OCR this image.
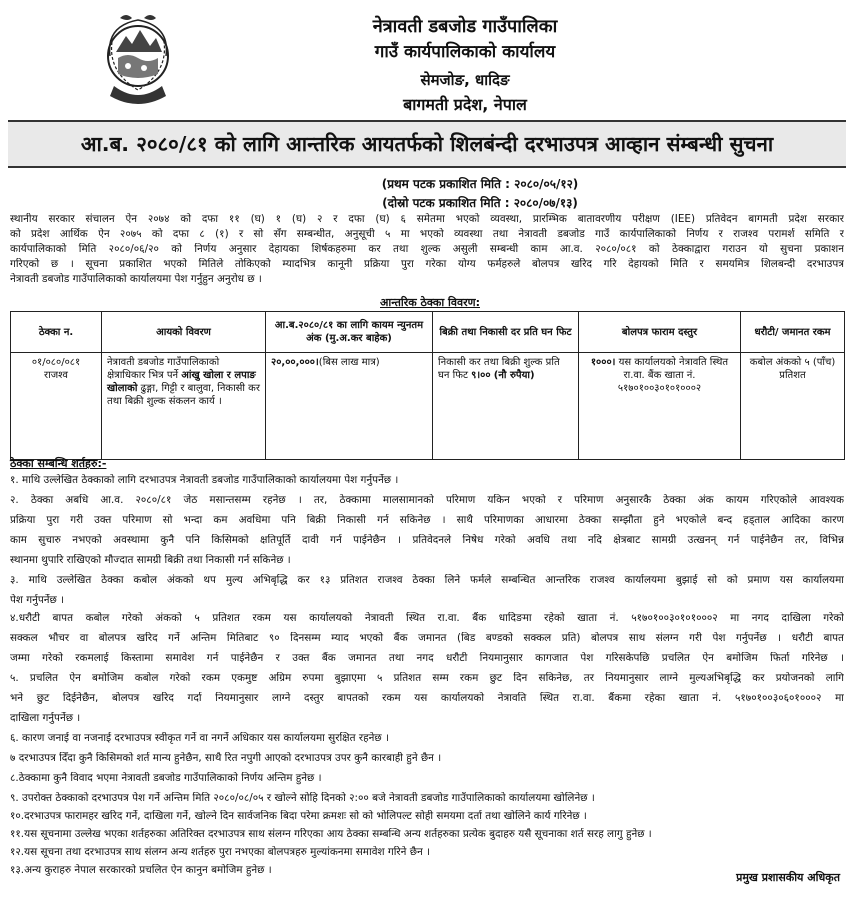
नेत्रावती डबजोड गाउँपालिका
गाउँ कार्यपालिकाको कार्यालय
सेमजोङ, धादिङ
बागमती प्रदेश, नेपाल
आ.ब. २०८०/८१ को लागि आन्तरिक आयतर्फको शिलबंन्दी दरभाउपत्र आव्हान संम्बन्धी सुचना
(प्रथम पटक प्रकाशित मिति : २०८०/०५/१२)
(दोस्रो पटक प्रकाशित मिति : २०८०/०७/१३)
स्थानीय सरकार संचालन ऐन २०७४ को दफा ११ (घ) १ (घ) २ र दफा (घ) ६ समेतमा भएको व्यवस्था, प्रारम्भिक बातावरणीय परीक्षण (IEE) प्रतिवेदन बागमती प्रदेश सरकार
को प्रदेश आर्थिक ऐन २०७५ को दफा ८ (१) र सो सँग सम्बन्धीत, अनुसूची ५ मा भएको व्यवस्था तथा नेत्रावती डबजोड गाउँ कार्यपालिकाको निर्णय र राजश्व परामर्श समिति र
कार्यपालिकाको मिति २०८०/०६/२० को निर्णय अनुसार देहायका शिर्षकहरुमा कर तथा शुल्क असुली सम्बन्धी काम आ.व. २०८०/०८१ को ठेक्काद्वारा गराउन यो सुचना प्रकाशन
गरिएको छ । सूचना प्रकाशित भएको मितिले तोकिएको म्यादभित्र कानूनी प्रक्रिया पुरा गरेका योग्य फर्महरुले बोलपत्र खरिद गरि देहायको मिति र समयमित्र शिलबन्दी दरभाउपत्र
नेत्रावती डबजोड गाउँपालिकाको कार्यालयमा पेश गर्नुहुन अनुरोध छ ।
आन्तरिक ठेक्का विवरण:
ठेक्का न.	आयको विवरण	आ.ब.२०८०/८१ का लागि कायम न्युनतम अंक (मु.अ.कर बाहेक)	बिक्री तथा निकासी दर प्रति घन फिट	बोलपत्र फाराम दस्तुर	धरौटी/ जमानत रकम
०१/०८०/०८१
राजश्व	नेत्रावती डबजोड गाउँपालिकाको क्षेत्राधिकार भित्र पर्ने आंखु खोला र लपाङ खोलाको ढुङ्गा, गिट्टी र बालुवा, निकासी कर तथा बिक्री शुल्क संकलन कार्य ।	२०,००,०००।(बिस लाख मात्र)	निकासी कर तथा बिक्री शुल्क प्रति घन फिट ९।०० (नौ रुपैया)	१०००। यस कार्यालयको नेत्रावति स्थित रा.वा. बैंक खाता नं. ५१७०१००३०१०१०००२	कबोल अंकको ५ (पाँच) प्रतिशत
ठेक्का सम्बन्धि शर्तहरु:-
१. माथि उल्लेखित ठेक्काको लागि दरभाउपत्र नेत्रावती डबजोड गाउँपालिकाको कार्यालयमा पेश गर्नुपर्नेछ ।
२. ठेक्का अबधि आ.व. २०८०/८१ जेठ मसान्तसम्म रहनेछ । तर, ठेक्कामा मालसामानको परिमाण यकिन भएको र परिमाण अनुसारकै ठेक्का अंक कायम गरिएकोले आवश्यक
प्रक्रिया पुरा गरी उक्त परिमाण सो भन्दा कम अवधिमा पनि बिक्री निकासी गर्न सकिनेछ । साथै परिमाणका आधारमा ठेक्का सम्झौता हुने भएकोले बन्द हड्ताल आदिका कारण
काम सुचारु नभएको अवस्थामा कुनै पनि किसिमको क्षतिपूर्ति दावी गर्न पाईनेछैन । प्रतिवेदनले निषेध गरेको अवधि तथा नदि क्षेत्रबाट सामग्री उत्खनन् गर्न पाईनेछैन तर, विभिन्न
स्थानमा थुपारि राखिएको मौज्दात सामग्री बिक्री तथा निकासी गर्न सकिनेछ ।
३. माथि उल्लेखित ठेक्का कबोल अंकको थप मुल्य अभिबृद्धि कर १३ प्रतिशत राजश्व ठेक्का लिने फर्मले सम्बन्धित आन्तरिक राजश्व कार्यालयमा बुझाई सो को प्रमाण यस कार्यालयमा
पेश गर्नुपर्नेछ ।
४.धरौटी बापत कबोल गरेको अंकको ५ प्रतिशत रकम यस कार्यालयको नेत्रावती स्थित रा.वा. बैंक धादिङमा रहेको खाता नं. ५१७०१००३०१०१०००२ मा नगद दाखिला गरेको
सक्कल भौचर वा बोलपत्र खरिद गर्ने अन्तिम मितिबाट ९० दिनसम्म म्याद भएको बैंक जमानत (बिड बण्डको सक्कल प्रति) बोलपत्र साथ संलग्न गरी पेश गर्नुपर्नेछ । धरौटी बापत
जम्मा गरेको रकमलाई किस्तामा समावेश गर्न पाईनेछैन र उक्त बैंक जमानत तथा नगद धरौटी नियमानुसार कागजात पेश गरिसकेपछि प्रचलित ऐन बमोजिम फिर्ता गरिनेछ ।
५. प्रचलित ऐन बमोजिम कबोल गरेको रकम एकमुष्ट अग्रिम रुपमा बुझाएमा ५ प्रतिशत सम्म रकम छुट दिन सकिनेछ, तर नियमानुसार लाग्ने मुल्यअभिबृद्धि कर प्रयोजनको लागि
भने छुट दिईनेछैन, बोलपत्र खरिद गर्दा नियमानुसार लाग्ने दस्तुर बापतको रकम यस कार्यालयको नेत्रावति स्थित रा.वा. बैंकमा रहेका खाता नं. ५१७०१००३०६०१०००२ मा
दाखिला गर्नुपर्नेछ ।
६. कारण जनाई वा नजनाई दरभाउपत्र स्वीकृत गर्ने वा नगर्ने अधिकार यस कार्यालयमा सुरक्षित रहनेछ ।
७ दरभाउपत्र दिँदा कुनै किसिमको शर्त मान्य हुनेछैन, साथै रित नपुगी आएको दरभाउपत्र उपर कुनै कारबाही हुने छैन ।
८.ठेक्कामा कुनै विवाद भएमा नेत्रावती डबजोड गाउँपालिकाको निर्णय अन्तिम हुनेछ ।
९. उपरोक्त ठेक्काको दरभाउपत्र पेश गर्ने अन्तिम मिति २०८०/०८/०५ र खोल्ने सोहि दिनको २:०० बजे नेत्रावती डबजोड गाउँपालिकाको कार्यालयमा खोलिनेछ ।
१०.दरभाउपत्र फारामहर खरिद गर्ने, दाखिला गर्ने, खोल्ने दिन सार्वजनिक बिदा परेमा क्रमशः सो को भोलिपल्ट सोही समयमा दर्ता तथा खोलिने कार्य गरिनेछ ।
११.यस सूचनामा उल्लेख भएका शर्तहरुका अतिरिक्त दरभाउपत्र साथ संलग्न गरिएका आय ठेक्का सम्बन्धि अन्य शर्तहरुका प्रत्येक बुदाहरु यसै सूचनाका शर्त सरह लागु हुनेछ ।
१२.यस सूचना तथा दरभाउपत्र साथ संलग्न अन्य शर्तहरु पुरा नभएका बोलपत्रहरु मुल्यांकनमा समावेश गरिने छैन ।
१३.अन्य कुराहरु नेपाल सरकारको प्रचलित ऐन कानुन बमोजिम हुनेछ ।
प्रमुख प्रशासकीय अधिकृत
